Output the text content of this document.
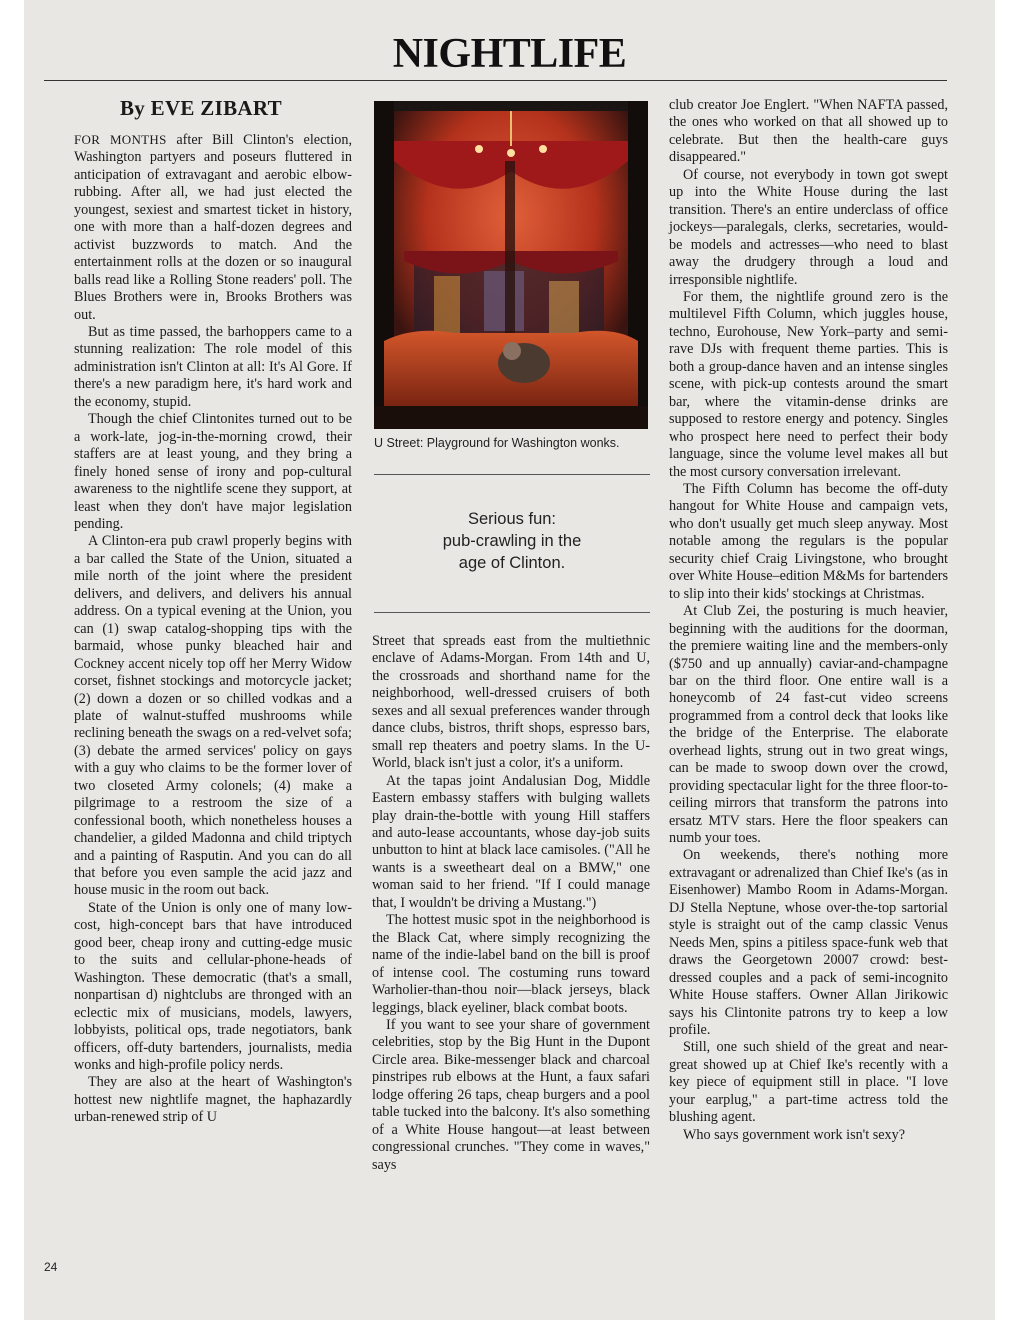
NIGHTLIFE
By EVE ZIBART

FOR MONTHS after Bill Clinton's election, Washington partyers and poseurs fluttered in anticipation of extravagant and aerobic elbow-rubbing. After all, we had just elected the youngest, sexiest and smartest ticket in history, one with more than a half-dozen degrees and activist buzzwords to match. And the entertainment rolls at the dozen or so inaugural balls read like a Rolling Stone readers' poll. The Blues Brothers were in, Brooks Brothers was out.

But as time passed, the barhoppers came to a stunning realization: The role model of this administration isn't Clinton at all: It's Al Gore. If there's a new paradigm here, it's hard work and the economy, stupid.

Though the chief Clintonites turned out to be a work-late, jog-in-the-morning crowd, their staffers are at least young, and they bring a finely honed sense of irony and pop-cultural awareness to the nightlife scene they support, at least when they don't have major legislation pending.

A Clinton-era pub crawl properly begins with a bar called the State of the Union, situated a mile north of the joint where the president delivers, and delivers, and delivers his annual address. On a typical evening at the Union, you can (1) swap catalog-shopping tips with the barmaid, whose punky bleached hair and Cockney accent nicely top off her Merry Widow corset, fishnet stockings and motorcycle jacket; (2) down a dozen or so chilled vodkas and a plate of walnut-stuffed mushrooms while reclining beneath the swags on a red-velvet sofa; (3) debate the armed services' policy on gays with a guy who claims to be the former lover of two closeted Army colonels; (4) make a pilgrimage to a restroom the size of a confessional booth, which nonetheless houses a chandelier, a gilded Madonna and child triptych and a painting of Rasputin. And you can do all that before you even sample the acid jazz and house music in the room out back.

State of the Union is only one of many low-cost, high-concept bars that have introduced good beer, cheap irony and cutting-edge music to the suits and cellular-phone-heads of Washington. These democratic (that's a small, nonpartisan d) nightclubs are thronged with an eclectic mix of musicians, models, lawyers, lobbyists, political ops, trade negotiators, bank officers, off-duty bartenders, journalists, media wonks and high-profile policy nerds.

They are also at the heart of Washington's hottest new nightlife magnet, the haphazardly urban-renewed strip of U

U Street: Playground for Washington wonks.

Serious fun:
pub-crawling in the
age of Clinton.

Street that spreads east from the multiethnic enclave of Adams-Morgan. From 14th and U, the crossroads and shorthand name for the neighborhood, well-dressed cruisers of both sexes and all sexual preferences wander through dance clubs, bistros, thrift shops, espresso bars, small rep theaters and poetry slams. In the U-World, black isn't just a color, it's a uniform.

At the tapas joint Andalusian Dog, Middle Eastern embassy staffers with bulging wallets play drain-the-bottle with young Hill staffers and auto-lease accountants, whose day-job suits unbutton to hint at black lace camisoles. ("All he wants is a sweetheart deal on a BMW," one woman said to her friend. "If I could manage that, I wouldn't be driving a Mustang.")

The hottest music spot in the neighborhood is the Black Cat, where simply recognizing the name of the indie-label band on the bill is proof of intense cool. The costuming runs toward Warholier-than-thou noir—black jerseys, black leggings, black eyeliner, black combat boots.

If you want to see your share of government celebrities, stop by the Big Hunt in the Dupont Circle area. Bike-messenger black and charcoal pinstripes rub elbows at the Hunt, a faux safari lodge offering 26 taps, cheap burgers and a pool table tucked into the balcony. It's also something of a White House hangout—at least between congressional crunches. "They come in waves," says

club creator Joe Englert. "When NAFTA passed, the ones who worked on that all showed up to celebrate. But then the health-care guys disappeared."

Of course, not everybody in town got swept up into the White House during the last transition. There's an entire underclass of office jockeys—paralegals, clerks, secretaries, would-be models and actresses—who need to blast away the drudgery through a loud and irresponsible nightlife.

For them, the nightlife ground zero is the multilevel Fifth Column, which juggles house, techno, Eurohouse, New York–party and semi-rave DJs with frequent theme parties. This is both a group-dance haven and an intense singles scene, with pick-up contests around the smart bar, where the vitamin-dense drinks are supposed to restore energy and potency. Singles who prospect here need to perfect their body language, since the volume level makes all but the most cursory conversation irrelevant.

The Fifth Column has become the off-duty hangout for White House and campaign vets, who don't usually get much sleep anyway. Most notable among the regulars is the popular security chief Craig Livingstone, who brought over White House–edition M&Ms for bartenders to slip into their kids' stockings at Christmas.

At Club Zei, the posturing is much heavier, beginning with the auditions for the doorman, the premiere waiting line and the members-only ($750 and up annually) caviar-and-champagne bar on the third floor. One entire wall is a honeycomb of 24 fast-cut video screens programmed from a control deck that looks like the bridge of the Enterprise. The elaborate overhead lights, strung out in two great wings, can be made to swoop down over the crowd, providing spectacular light for the three floor-to-ceiling mirrors that transform the patrons into ersatz MTV stars. Here the floor speakers can numb your toes.

On weekends, there's nothing more extravagant or adrenalized than Chief Ike's (as in Eisenhower) Mambo Room in Adams-Morgan. DJ Stella Neptune, whose over-the-top sartorial style is straight out of the camp classic Venus Needs Men, spins a pitiless space-funk web that draws the Georgetown 20007 crowd: best-dressed couples and a pack of semi-incognito White House staffers. Owner Allan Jirikowic says his Clintonite patrons try to keep a low profile.

Still, one such shield of the great and near-great showed up at Chief Ike's recently with a key piece of equipment still in place. "I love your earplug," a part-time actress told the blushing agent.

Who says government work isn't sexy?

24
